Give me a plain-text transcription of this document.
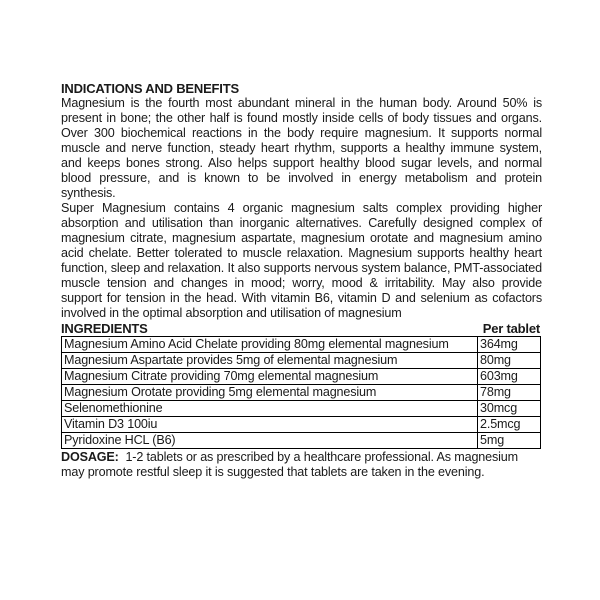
INDICATIONS AND BENEFITS

Magnesium is the fourth most abundant mineral in the human body. Around 50% is present in bone; the other half is found mostly inside cells of body tissues and organs. Over 300 biochemical reactions in the body require magnesium. It supports normal muscle and nerve function, steady heart rhythm, supports a healthy immune system, and keeps bones strong. Also helps support healthy blood sugar levels, and normal blood pressure, and is known to be involved in energy metabolism and protein synthesis.

Super Magnesium contains 4 organic magnesium salts complex providing higher absorption and utilisation than inorganic alternatives. Carefully designed complex of magnesium citrate, magnesium aspartate, magnesium orotate and magnesium amino acid chelate. Better tolerated to muscle relaxation. Magnesium supports healthy heart function, sleep and relaxation. It also supports nervous system balance, PMT-associated muscle tension and changes in mood; worry, mood & irritability. May also provide support for tension in the head. With vitamin B6, vitamin D and selenium as cofactors involved in the optimal absorption and utilisation of magnesium

INGREDIENTS	Per tablet
Magnesium Amino Acid Chelate providing 80mg elemental magnesium	364mg
Magnesium Aspartate provides 5mg of elemental magnesium	80mg
Magnesium Citrate providing 70mg elemental magnesium	603mg
Magnesium Orotate providing 5mg elemental magnesium	78mg
Selenomethionine	30mcg
Vitamin D3 100iu	2.5mcg
Pyridoxine HCL (B6)	5mg

DOSAGE: 1-2 tablets or as prescribed by a healthcare professional. As magnesium may promote restful sleep it is suggested that tablets are taken in the evening.
